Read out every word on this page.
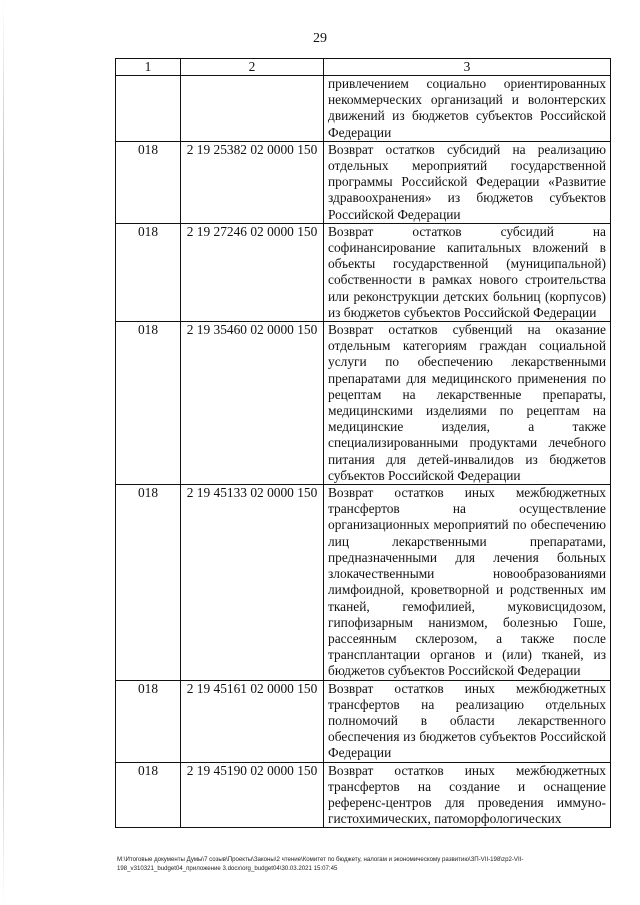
29
1	2	3
		привлечением социально ориентированных некоммерческих организаций и волонтерских движений из бюджетов субъектов Российской Федерации
018	2 19 25382 02 0000 150	Возврат остатков субсидий на реализацию отдельных мероприятий государственной программы Российской Федерации «Развитие здравоохранения» из бюджетов субъектов Российской Федерации
018	2 19 27246 02 0000 150	Возврат остатков субсидий на софинансирование капитальных вложений в объекты государственной (муниципальной) собственности в рамках нового строительства или реконструкции детских больниц (корпусов) из бюджетов субъектов Российской Федерации
018	2 19 35460 02 0000 150	Возврат остатков субвенций на оказание отдельным категориям граждан социальной услуги по обеспечению лекарственными препаратами для медицинского применения по рецептам на лекарственные препараты, медицинскими изделиями по рецептам на медицинские изделия, а также специализированными продуктами лечебного питания для детей-инвалидов из бюджетов субъектов Российской Федерации
018	2 19 45133 02 0000 150	Возврат остатков иных межбюджетных трансфертов на осуществление организационных мероприятий по обеспечению лиц лекарственными препаратами, предназначенными для лечения больных злокачественными новообразованиями лимфоидной, кроветворной и родственных им тканей, гемофилией, муковисцидозом, гипофизарным нанизмом, болезнью Гоше, рассеянным склерозом, а также после трансплантации органов и (или) тканей, из бюджетов субъектов Российской Федерации
018	2 19 45161 02 0000 150	Возврат остатков иных межбюджетных трансфертов на реализацию отдельных полномочий в области лекарственного обеспечения из бюджетов субъектов Российской Федерации
018	2 19 45190 02 0000 150	Возврат остатков иных межбюджетных трансфертов на создание и оснащение референс-центров для проведения иммуно-гистохимических, патоморфологических
M:\Итоговые документы Думы\7 созыв\Проекты\Законы\2 чтение\Комитет по бюджету, налогам и экономическому развитию\ЗП-VII-198\zp2-VII-
198_v310321_budget04_приложение 3.docx\org_budget04\30.03.2021 15:07:45
